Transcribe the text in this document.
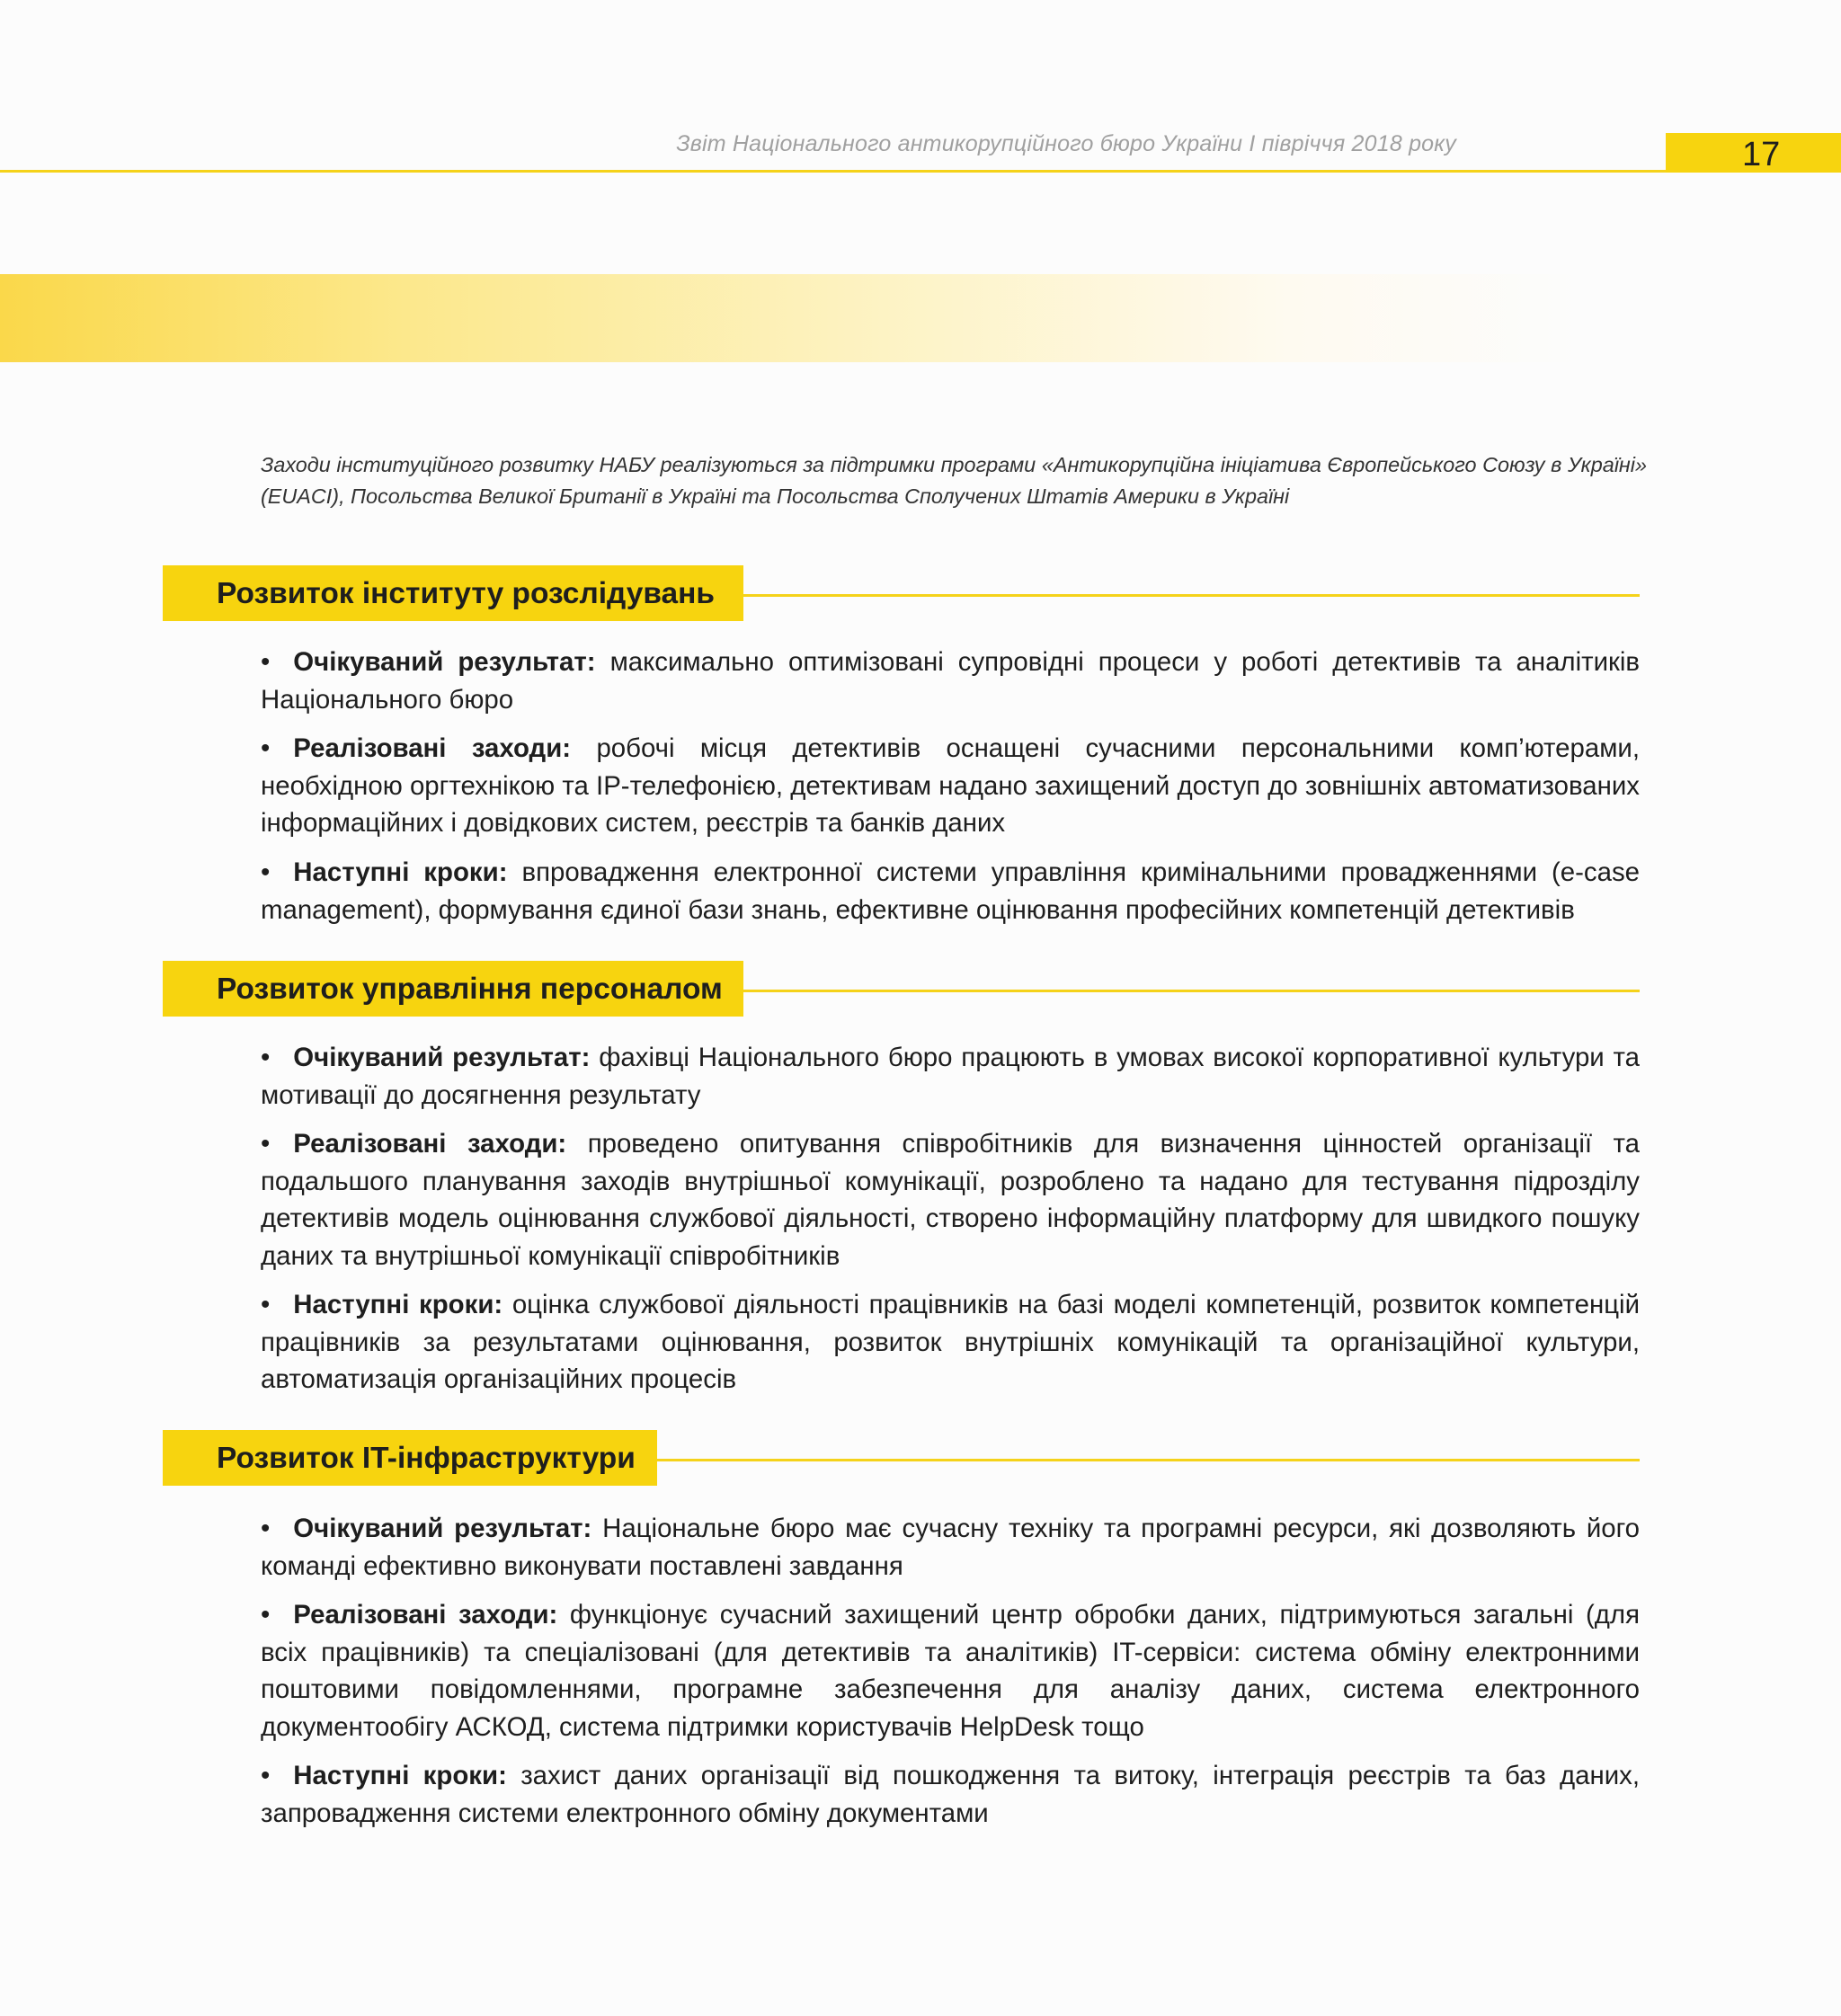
Звіт Національного антикорупційного бюро України І півріччя 2018 року	17
Заходи інституційного розвитку НАБУ реалізуються за підтримки програми «Антикорупційна ініціатива Європейського Союзу в Україні» (EUACI), Посольства Великої Британії в Україні та Посольства Сполучених Штатів Америки в Україні
Розвиток інституту розслідувань
• Очікуваний результат: максимально оптимізовані супровідні процеси у роботі детективів та аналітиків Національного бюро
• Реалізовані заходи: робочі місця детективів оснащені сучасними персональними комп’ютерами, необхідною оргтехнікою та IP-телефонією, детективам надано захищений доступ до зовнішніх автоматизованих інформаційних і довідкових систем, реєстрів та банків даних
• Наступні кроки: впровадження електронної системи управління кримінальними провадженнями (e-case management), формування єдиної бази знань, ефективне оцінювання професійних компетенцій детективів
Розвиток управління персоналом
• Очікуваний результат: фахівці Національного бюро працюють в умовах високої корпоративної культури та мотивації до досягнення результату
• Реалізовані заходи: проведено опитування співробітників для визначення цінностей організації та подальшого планування заходів внутрішньої комунікації, розроблено та надано для тестування підрозділу детективів модель оцінювання службової діяльності, створено інформаційну платформу для швидкого пошуку даних та внутрішньої комунікації співробітників
• Наступні кроки: оцінка службової діяльності працівників на базі моделі компетенцій, розвиток компетенцій працівників за результатами оцінювання, розвиток внутрішніх комунікацій та організаційної культури, автоматизація організаційних процесів
Розвиток IT-інфраструктури
• Очікуваний результат: Національне бюро має сучасну техніку та програмні ресурси, які дозволяють його команді ефективно виконувати поставлені завдання
• Реалізовані заходи: функціонує сучасний захищений центр обробки даних, підтримуються загальні (для всіх працівників) та спеціалізовані (для детективів та аналітиків) IT-сервіси: система обміну електронними поштовими повідомленнями, програмне забезпечення для аналізу даних, система електронного документообігу АСКОД, система підтримки користувачів HelpDesk тощо
• Наступні кроки: захист даних організації від пошкодження та витоку, інтеграція реєстрів та баз даних, запровадження системи електронного обміну документами
